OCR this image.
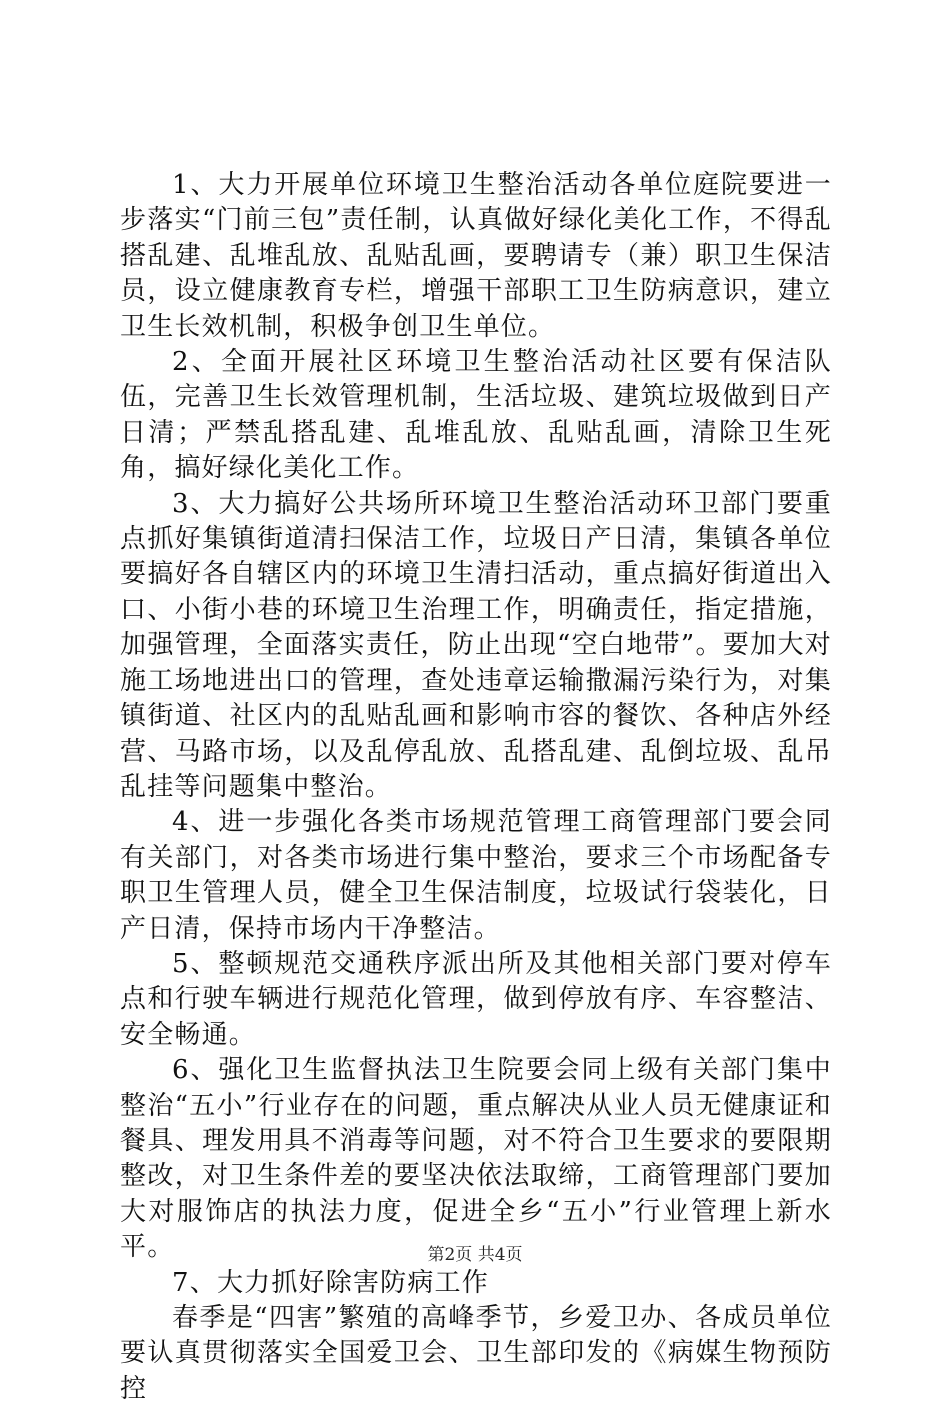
1、大力开展单位环境卫生整治活动各单位庭院要进一步落实“门前三包”责任制，认真做好绿化美化工作，不得乱搭乱建、乱堆乱放、乱贴乱画，要聘请专（兼）职卫生保洁员，设立健康教育专栏，增强干部职工卫生防病意识，建立卫生长效机制，积极争创卫生单位。

2、全面开展社区环境卫生整治活动社区要有保洁队伍，完善卫生长效管理机制，生活垃圾、建筑垃圾做到日产日清；严禁乱搭乱建、乱堆乱放、乱贴乱画，清除卫生死角，搞好绿化美化工作。

3、大力搞好公共场所环境卫生整治活动环卫部门要重点抓好集镇街道清扫保洁工作，垃圾日产日清，集镇各单位要搞好各自辖区内的环境卫生清扫活动，重点搞好街道出入口、小街小巷的环境卫生治理工作，明确责任，指定措施，加强管理，全面落实责任，防止出现“空白地带”。要加大对施工场地进出口的管理，查处违章运输撒漏污染行为，对集镇街道、社区内的乱贴乱画和影响市容的餐饮、各种店外经营、马路市场，以及乱停乱放、乱搭乱建、乱倒垃圾、乱吊乱挂等问题集中整治。

4、进一步强化各类市场规范管理工商管理部门要会同有关部门，对各类市场进行集中整治，要求三个市场配备专职卫生管理人员，健全卫生保洁制度，垃圾试行袋装化，日产日清，保持市场内干净整洁。

5、整顿规范交通秩序派出所及其他相关部门要对停车点和行驶车辆进行规范化管理，做到停放有序、车容整洁、安全畅通。

6、强化卫生监督执法卫生院要会同上级有关部门集中整治“五小”行业存在的问题，重点解决从业人员无健康证和餐具、理发用具不消毒等问题，对不符合卫生要求的要限期整改，对卫生条件差的要坚决依法取缔，工商管理部门要加大对服饰店的执法力度，促进全乡“五小”行业管理上新水平。

7、大力抓好除害防病工作

春季是“四害”繁殖的高峰季节，乡爱卫办、各成员单位要认真贯彻落实全国爱卫会、卫生部印发的《病媒生物预防控

第2页 共4页
